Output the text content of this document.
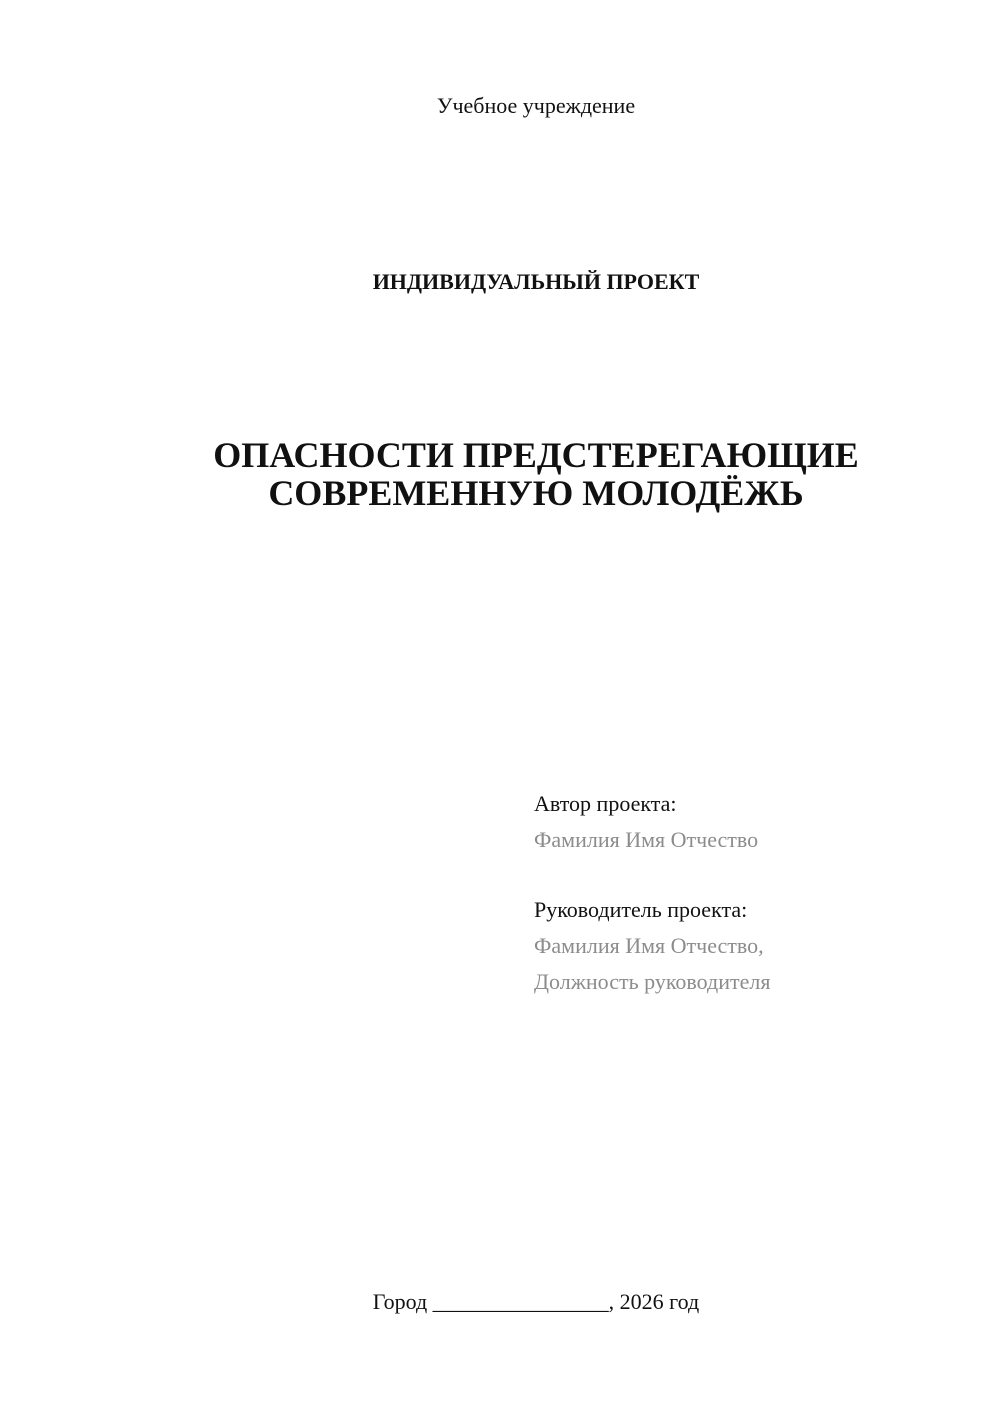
Учебное учреждение
ИНДИВИДУАЛЬНЫЙ ПРОЕКТ
ОПАСНОСТИ ПРЕДСТЕРЕГАЮЩИЕ
СОВРЕМЕННУЮ МОЛОДЁЖЬ
Автор проекта:
Фамилия Имя Отчество
Руководитель проекта:
Фамилия Имя Отчество,
Должность руководителя
Город ________________, 2026 год
